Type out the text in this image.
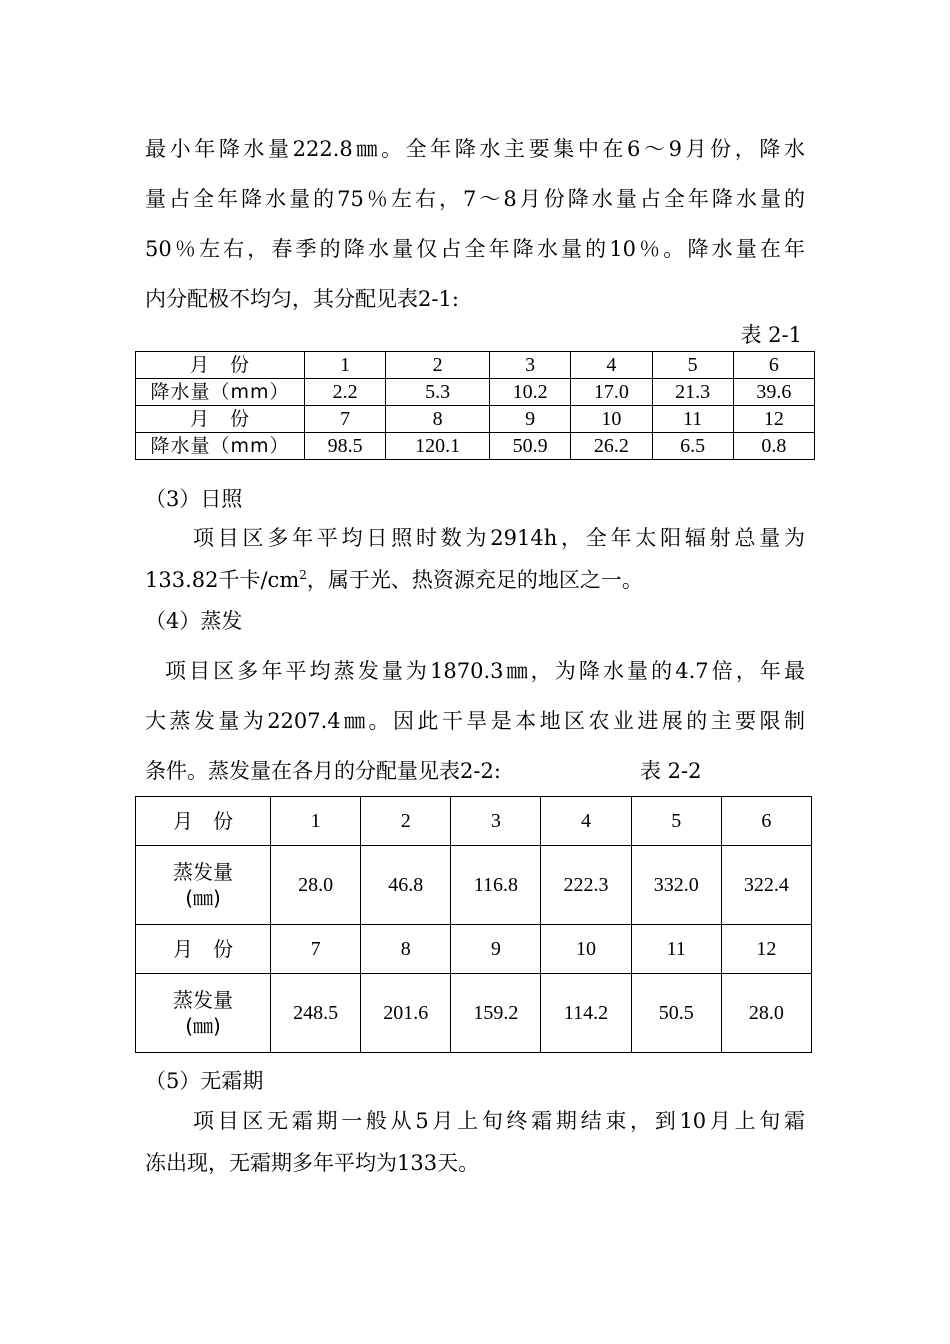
最小年降水量222.8㎜。全年降水主要集中在6～9月份，降水
量占全年降水量的75％左右，7～8月份降水量占全年降水量的
50％左右，春季的降水量仅占全年降水量的10％。降水量在年
内分配极不均匀，其分配见表2-1:
表 2-1
月　份	1	2	3	4	5	6
降水量（mm）	2.2	5.3	10.2	17.0	21.3	39.6
月　份	7	8	9	10	11	12
降水量（mm）	98.5	120.1	50.9	26.2	6.5	0.8
（3）日照
项目区多年平均日照时数为2914h，全年太阳辐射总量为
133.82千卡$/cm^2$，属于光、热资源充足的地区之一。
（4）蒸发
项目区多年平均蒸发量为1870.3㎜，为降水量的4.7倍，年最
大蒸发量为2207.4㎜。因此干旱是本地区农业进展的主要限制
条件。蒸发量在各月的分配量见表2-2:	表 2-2
月　份	1	2	3	4	5	6
蒸发量
(㎜)	28.0	46.8	116.8	222.3	332.0	322.4
月　份	7	8	9	10	11	12
蒸发量
(㎜)	248.5	201.6	159.2	114.2	50.5	28.0
（5）无霜期
项目区无霜期一般从5月上旬终霜期结束，到10月上旬霜
冻出现，无霜期多年平均为133天。
